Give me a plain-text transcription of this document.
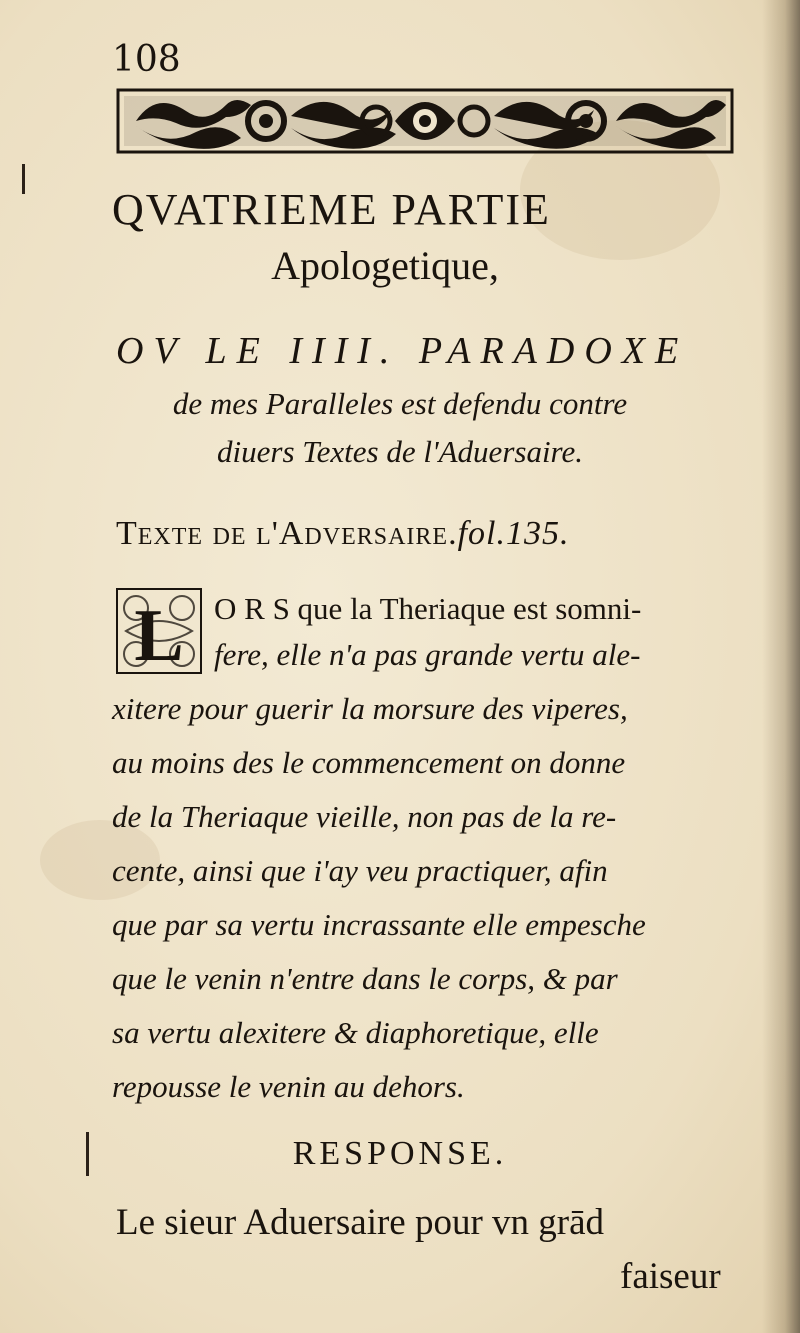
108
QVATRIEME PARTIE
Apologetique,
OV LE IIII. PARADOXE
de mes Paralleles est defendu contre
diuers Textes de l'Aduersaire.
Texte de l'Adversaire.fol.135.
L O R S que la Theriaque est somni-
fere, elle n'a pas grande vertu ale-
xitere pour guerir la morsure des viperes,
au moins des le commencement on donne
de la Theriaque vieille, non pas de la re-
cente, ainsi que i'ay veu practiquer, afin
que par sa vertu incrassante elle empesche
que le venin n'entre dans le corps, & par
sa vertu alexitere & diaphoretique, elle
repousse le venin au dehors.
RESPONSE.
Le sieur Aduersaire pour vn grād
faiseur
